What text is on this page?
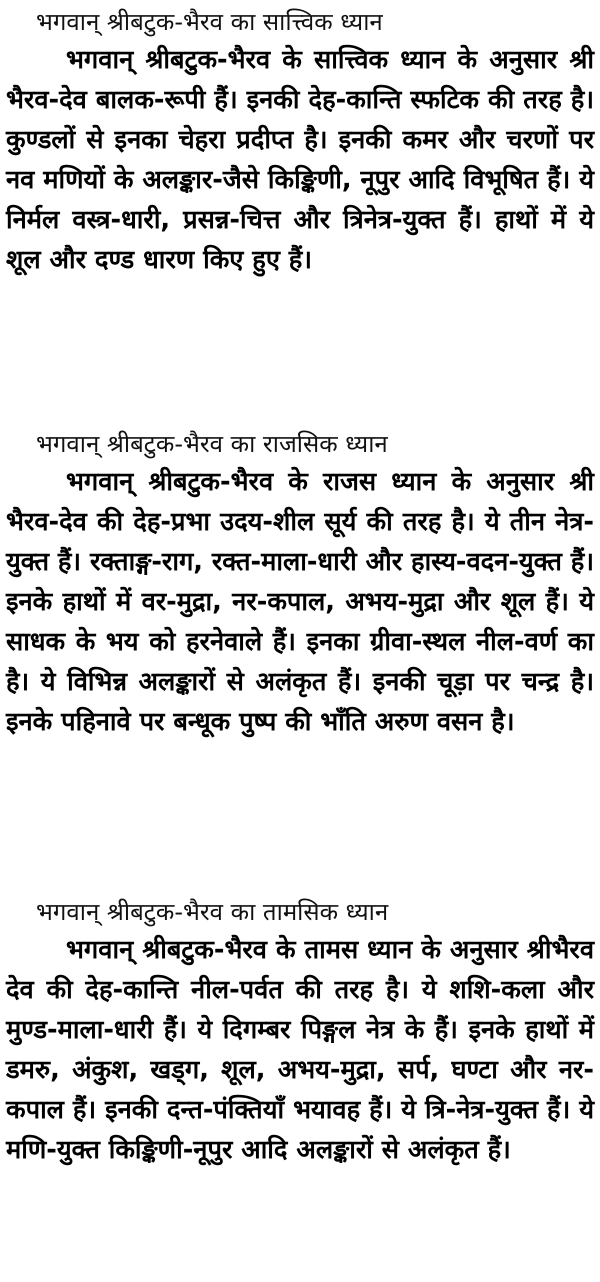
भगवान् श्रीबटुक-भैरव का सात्त्विक ध्यान

भगवान् श्रीबटुक-भैरव के सात्त्विक ध्यान के अनुसार श्री भैरव-देव बालक-रूपी हैं। इनकी देह-कान्ति स्फटिक की तरह है। कुण्डलों से इनका चेहरा प्रदीप्त है। इनकी कमर और चरणों पर नव मणियों के अलङ्कार-जैसे किङ्किणी, नूपुर आदि विभूषित हैं। ये निर्मल वस्त्र-धारी, प्रसन्न-चित्त और त्रिनेत्र-युक्त हैं। हाथों में ये शूल और दण्ड धारण किए हुए हैं।

भगवान् श्रीबटुक-भैरव का राजसिक ध्यान

भगवान् श्रीबटुक-भैरव के राजस ध्यान के अनुसार श्री भैरव-देव की देह-प्रभा उदय-शील सूर्य की तरह है। ये तीन नेत्र-युक्त हैं। रक्ताङ्ग-राग, रक्त-माला-धारी और हास्य-वदन-युक्त हैं। इनके हाथों में वर-मुद्रा, नर-कपाल, अभय-मुद्रा और शूल हैं। ये साधक के भय को हरनेवाले हैं। इनका ग्रीवा-स्थल नील-वर्ण का है। ये विभिन्न अलङ्कारों से अलंकृत हैं। इनकी चूड़ा पर चन्द्र है। इनके पहिनावे पर बन्धूक पुष्प की भाँति अरुण वसन है।

भगवान् श्रीबटुक-भैरव का तामसिक ध्यान

भगवान् श्रीबटुक-भैरव के तामस ध्यान के अनुसार श्रीभैरव देव की देह-कान्ति नील-पर्वत की तरह है। ये शशि-कला और मुण्ड-माला-धारी हैं। ये दिगम्बर पिङ्गल नेत्र के हैं। इनके हाथों में डमरु, अंकुश, खड्ग, शूल, अभय-मुद्रा, सर्प, घण्टा और नर-कपाल हैं। इनकी दन्त-पंक्तियाँ भयावह हैं। ये त्रि-नेत्र-युक्त हैं। ये मणि-युक्त किङ्किणी-नूपुर आदि अलङ्कारों से अलंकृत हैं।
